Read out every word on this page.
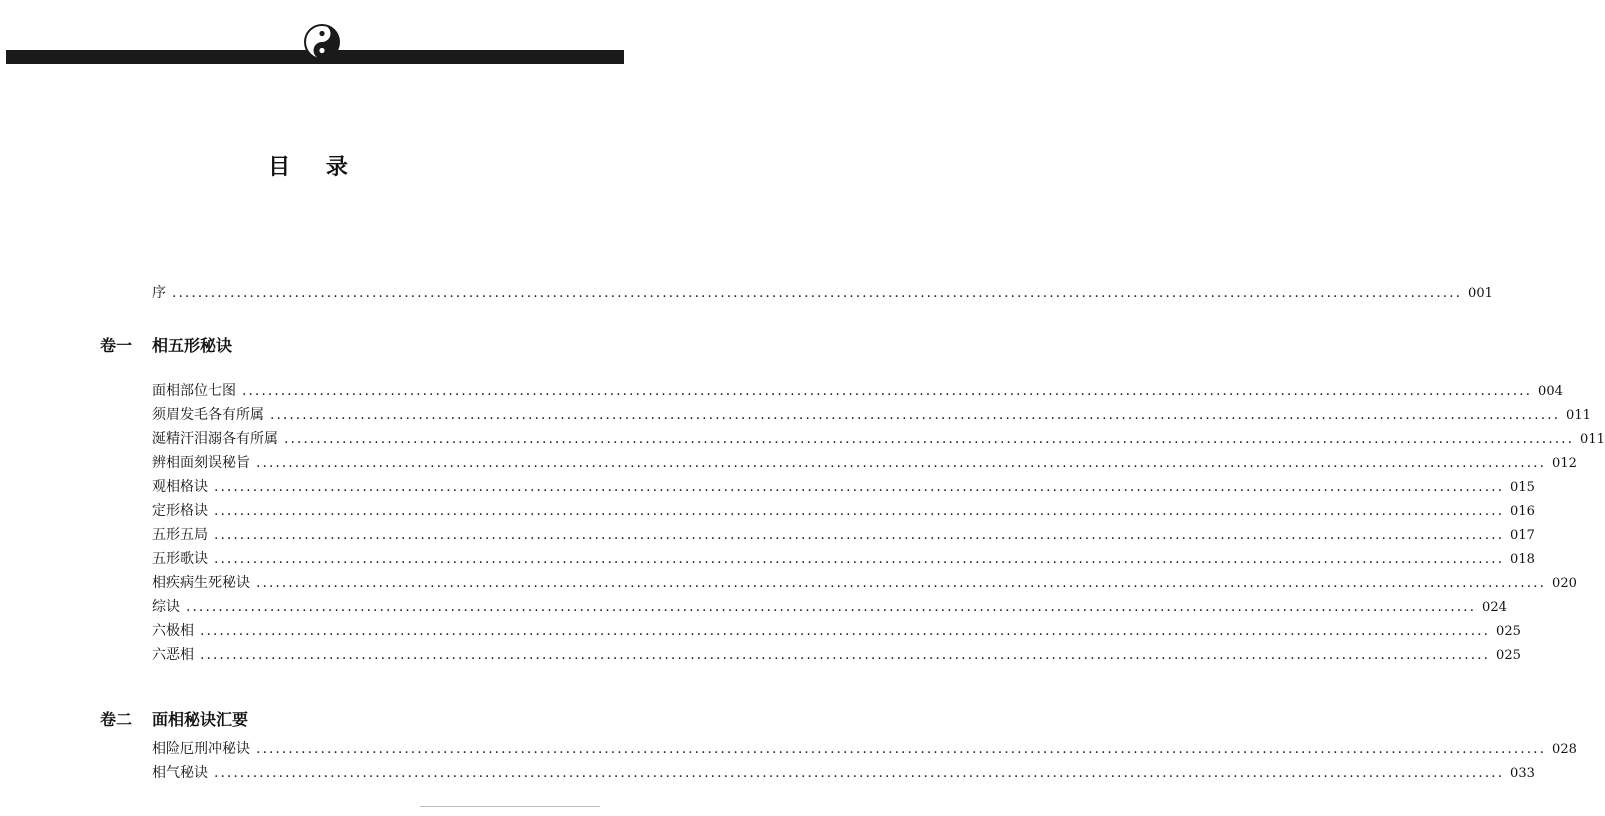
目 录
序 ........................................................................................................................................................................................................ 001
卷一 相五形秘诀
面相部位七图 ........................................................................................................................................................................................................ 004
须眉发毛各有所属 ........................................................................................................................................................................................................ 011
涎精汗泪溺各有所属 ........................................................................................................................................................................................................ 011
辨相面刻误秘旨 ........................................................................................................................................................................................................ 012
观相格诀 ........................................................................................................................................................................................................ 015
定形格诀 ........................................................................................................................................................................................................ 016
五形五局 ........................................................................................................................................................................................................ 017
五形歌诀 ........................................................................................................................................................................................................ 018
相疾病生死秘诀 ........................................................................................................................................................................................................ 020
综诀 ........................................................................................................................................................................................................ 024
六极相 ........................................................................................................................................................................................................ 025
六恶相 ........................................................................................................................................................................................................ 025
卷二 面相秘诀汇要
相险厄刑冲秘诀 ........................................................................................................................................................................................................ 028
相气秘诀 ........................................................................................................................................................................................................ 033
